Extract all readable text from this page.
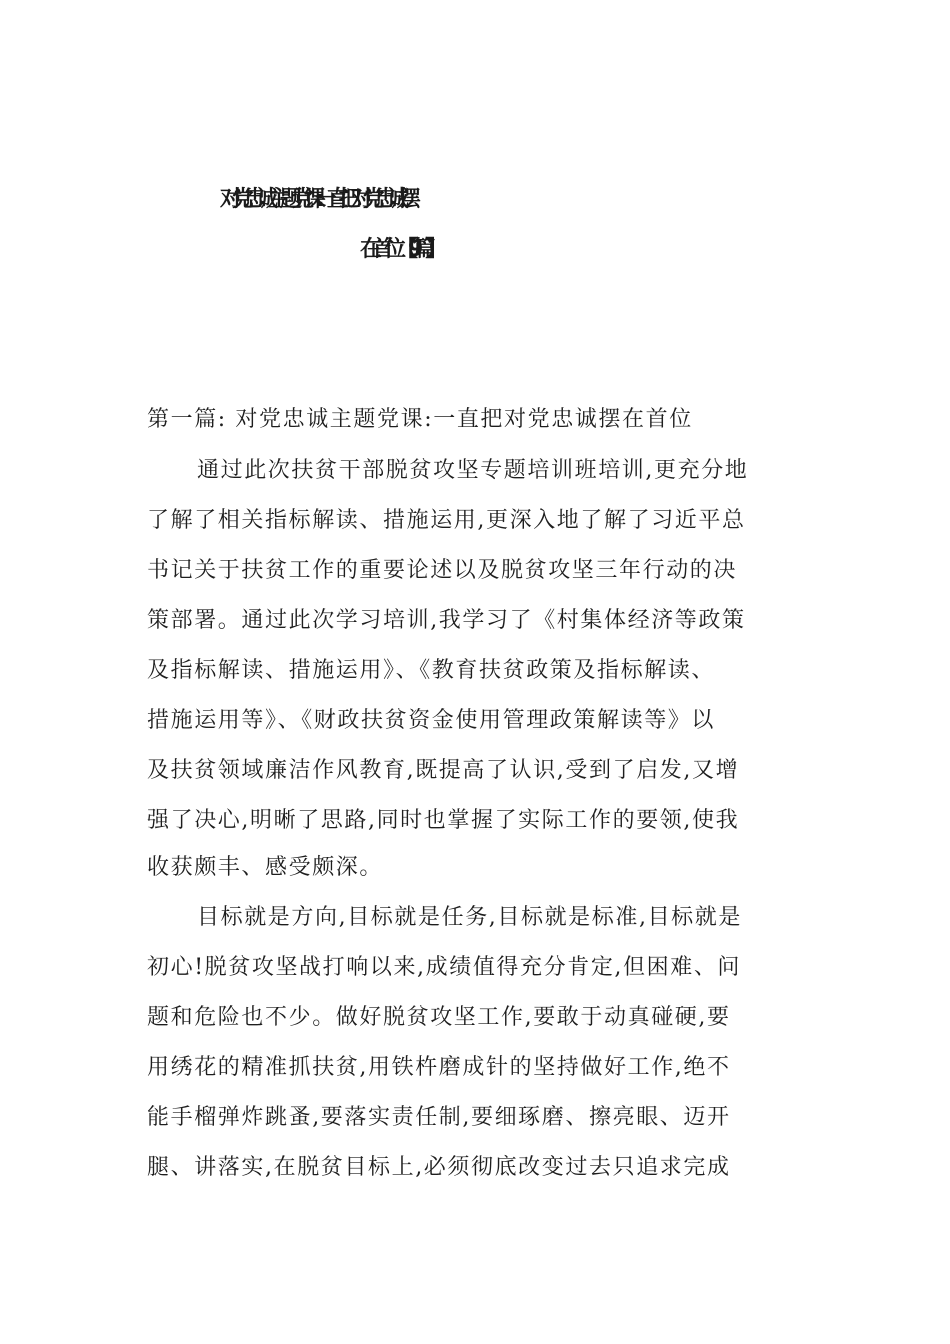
对党忠诚主题党课:一直把对党忠诚摆
在首位【9篇】
第一篇: 对党忠诚主题党课:一直把对党忠诚摆在首位
通过此次扶贫干部脱贫攻坚专题培训班培训,更充分地
了解了相关指标解读、措施运用,更深入地了解了习近平总
书记关于扶贫工作的重要论述以及脱贫攻坚三年行动的决
策部署。通过此次学习培训,我学习了《村集体经济等政策
及指标解读、措施运用》、《教育扶贫政策及指标解读、
措施运用等》、《财政扶贫资金使用管理政策解读等》以
及扶贫领域廉洁作风教育,既提高了认识,受到了启发,又增
强了决心,明晰了思路,同时也掌握了实际工作的要领,使我
收获颇丰、感受颇深。
目标就是方向,目标就是任务,目标就是标准,目标就是
初心!脱贫攻坚战打响以来,成绩值得充分肯定,但困难、问
题和危险也不少。做好脱贫攻坚工作,要敢于动真碰硬,要
用绣花的精准抓扶贫,用铁杵磨成针的坚持做好工作,绝不
能手榴弹炸跳蚤,要落实责任制,要细琢磨、擦亮眼、迈开
腿、讲落实,在脱贫目标上,必须彻底改变过去只追求完成
